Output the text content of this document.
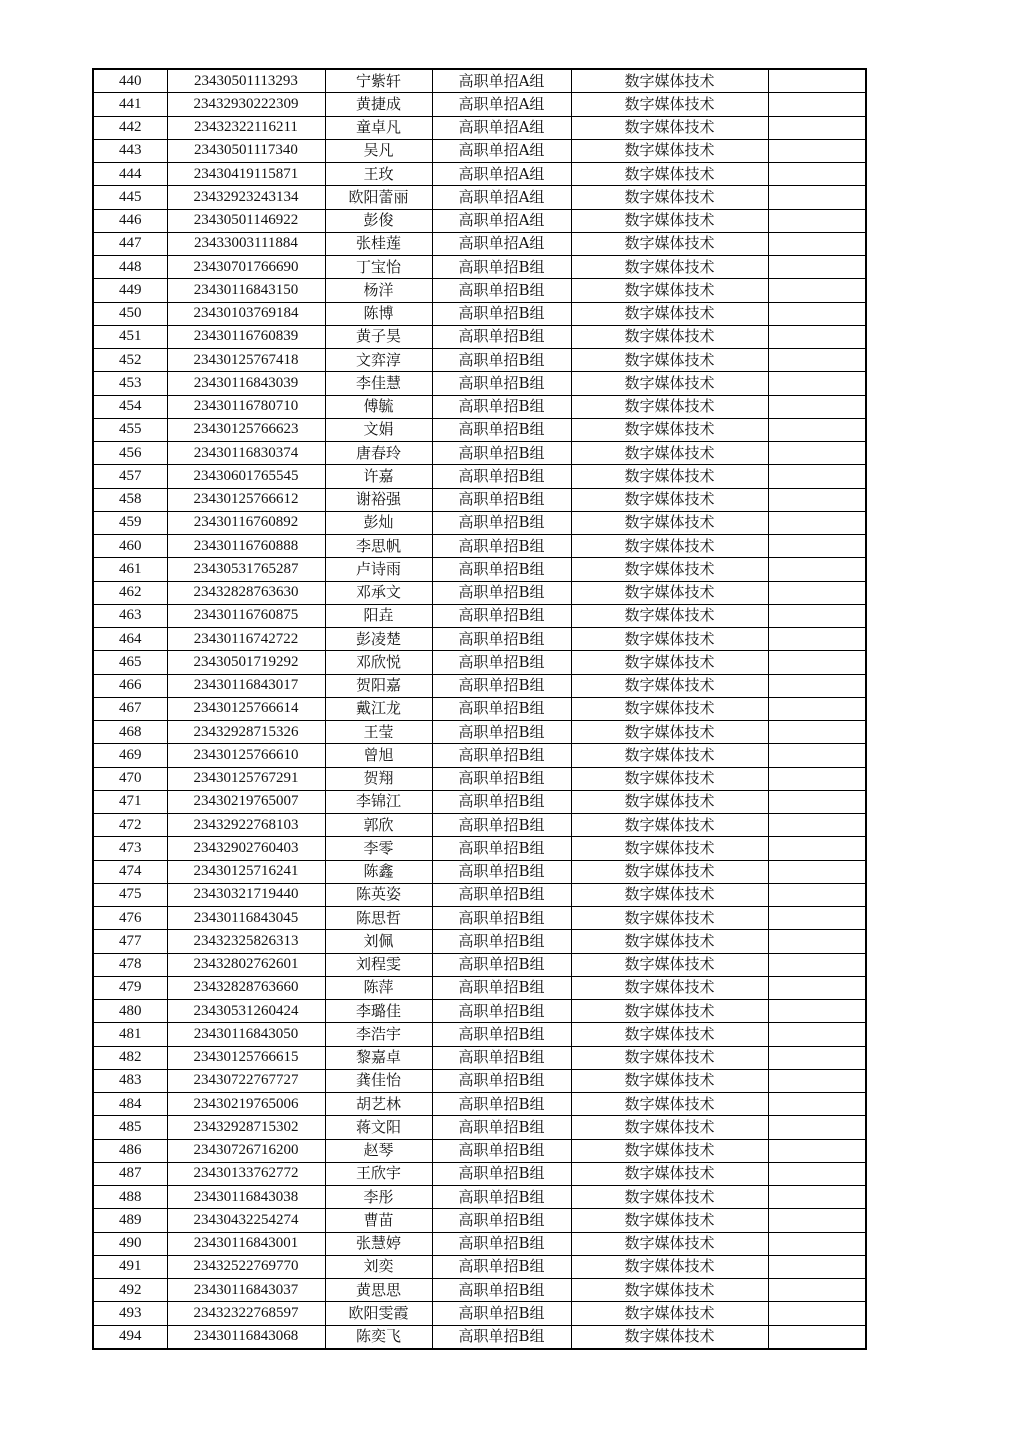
440	23430501113293	宁紫轩	高职单招A组	数字媒体技术	
441	23432930222309	黄捷成	高职单招A组	数字媒体技术	
442	23432322116211	童卓凡	高职单招A组	数字媒体技术	
443	23430501117340	吴凡	高职单招A组	数字媒体技术	
444	23430419115871	王玫	高职单招A组	数字媒体技术	
445	23432923243134	欧阳蕾丽	高职单招A组	数字媒体技术	
446	23430501146922	彭俊	高职单招A组	数字媒体技术	
447	23433003111884	张桂莲	高职单招A组	数字媒体技术	
448	23430701766690	丁宝怡	高职单招B组	数字媒体技术	
449	23430116843150	杨洋	高职单招B组	数字媒体技术	
450	23430103769184	陈博	高职单招B组	数字媒体技术	
451	23430116760839	黄子昊	高职单招B组	数字媒体技术	
452	23430125767418	文弈淳	高职单招B组	数字媒体技术	
453	23430116843039	李佳慧	高职单招B组	数字媒体技术	
454	23430116780710	傅毓	高职单招B组	数字媒体技术	
455	23430125766623	文娟	高职单招B组	数字媒体技术	
456	23430116830374	唐春玲	高职单招B组	数字媒体技术	
457	23430601765545	许嘉	高职单招B组	数字媒体技术	
458	23430125766612	谢裕强	高职单招B组	数字媒体技术	
459	23430116760892	彭灿	高职单招B组	数字媒体技术	
460	23430116760888	李思帆	高职单招B组	数字媒体技术	
461	23430531765287	卢诗雨	高职单招B组	数字媒体技术	
462	23432828763630	邓承文	高职单招B组	数字媒体技术	
463	23430116760875	阳垚	高职单招B组	数字媒体技术	
464	23430116742722	彭凌楚	高职单招B组	数字媒体技术	
465	23430501719292	邓欣悦	高职单招B组	数字媒体技术	
466	23430116843017	贺阳嘉	高职单招B组	数字媒体技术	
467	23430125766614	戴江龙	高职单招B组	数字媒体技术	
468	23432928715326	王莹	高职单招B组	数字媒体技术	
469	23430125766610	曾旭	高职单招B组	数字媒体技术	
470	23430125767291	贺翔	高职单招B组	数字媒体技术	
471	23430219765007	李锦江	高职单招B组	数字媒体技术	
472	23432922768103	郭欣	高职单招B组	数字媒体技术	
473	23432902760403	李零	高职单招B组	数字媒体技术	
474	23430125716241	陈鑫	高职单招B组	数字媒体技术	
475	23430321719440	陈英姿	高职单招B组	数字媒体技术	
476	23430116843045	陈思哲	高职单招B组	数字媒体技术	
477	23432325826313	刘佩	高职单招B组	数字媒体技术	
478	23432802762601	刘程雯	高职单招B组	数字媒体技术	
479	23432828763660	陈萍	高职单招B组	数字媒体技术	
480	23430531260424	李璐佳	高职单招B组	数字媒体技术	
481	23430116843050	李浩宇	高职单招B组	数字媒体技术	
482	23430125766615	黎嘉卓	高职单招B组	数字媒体技术	
483	23430722767727	龚佳怡	高职单招B组	数字媒体技术	
484	23430219765006	胡艺林	高职单招B组	数字媒体技术	
485	23432928715302	蒋文阳	高职单招B组	数字媒体技术	
486	23430726716200	赵琴	高职单招B组	数字媒体技术	
487	23430133762772	王欣宇	高职单招B组	数字媒体技术	
488	23430116843038	李彤	高职单招B组	数字媒体技术	
489	23430432254274	曹苗	高职单招B组	数字媒体技术	
490	23430116843001	张慧婷	高职单招B组	数字媒体技术	
491	23432522769770	刘奕	高职单招B组	数字媒体技术	
492	23430116843037	黄思思	高职单招B组	数字媒体技术	
493	23432322768597	欧阳雯霞	高职单招B组	数字媒体技术	
494	23430116843068	陈奕飞	高职单招B组	数字媒体技术	
